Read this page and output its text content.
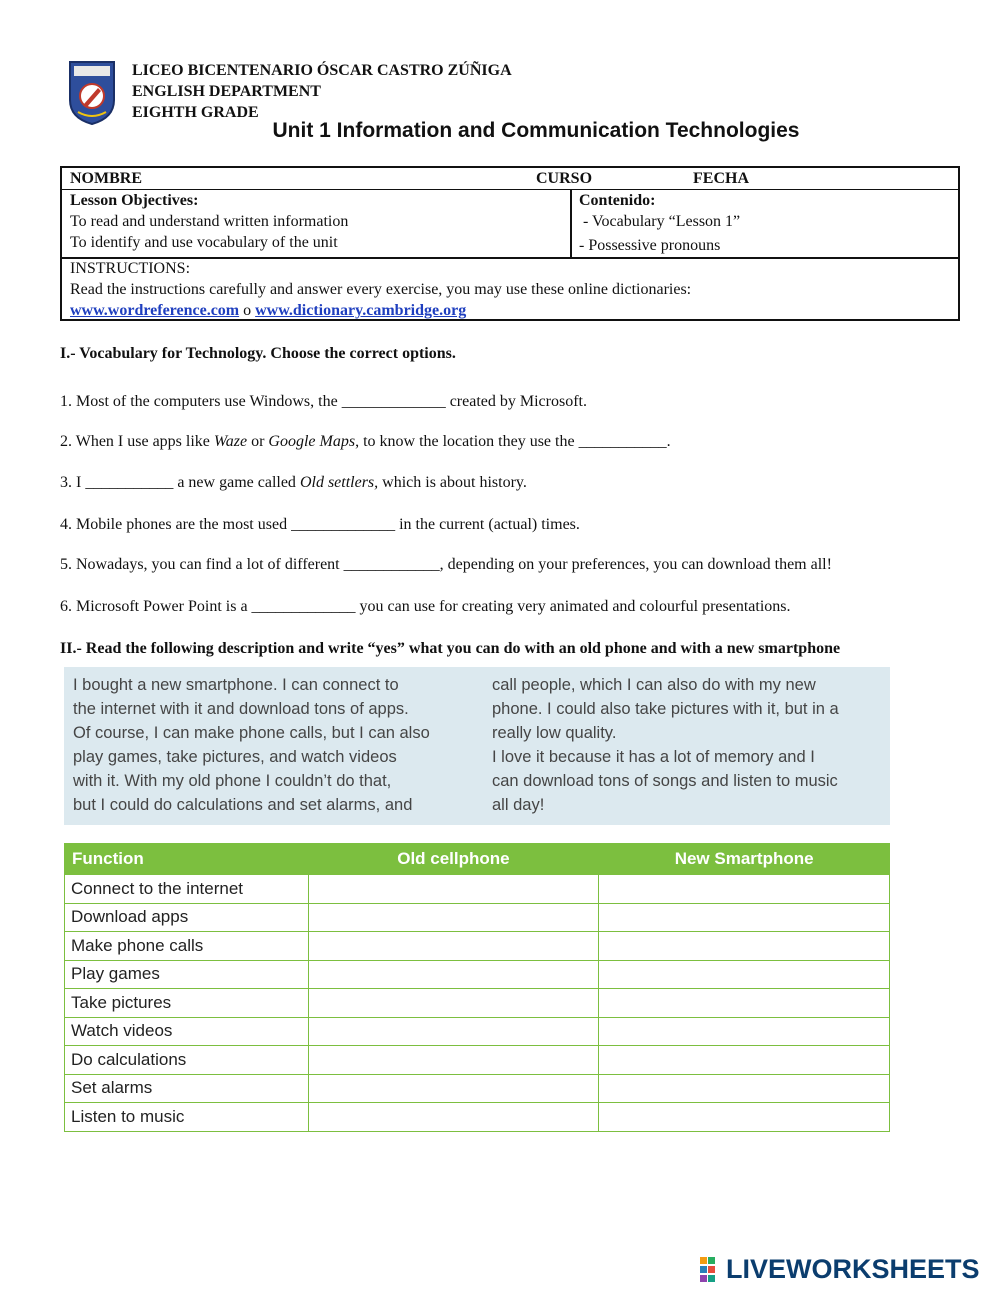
LICEO BICENTENARIO ÓSCAR CASTRO ZÚÑIGA
ENGLISH DEPARTMENT
EIGHTH GRADE
Unit 1 Information and Communication Technologies
NOMBRE	CURSO	FECHA
Lesson Objectives:
To read and understand written information
To identify and use vocabulary of the unit
Contenido:
- Vocabulary “Lesson 1”
- Possessive pronouns
INSTRUCTIONS:
Read the instructions carefully and answer every exercise, you may use these online dictionaries:
www.wordreference.com o www.dictionary.cambridge.org
I.- Vocabulary for Technology. Choose the correct options.
1. Most of the computers use Windows, the _____________ created by Microsoft.
2. When I use apps like Waze or Google Maps, to know the location they use the ___________.
3. I ___________ a new game called Old settlers, which is about history.
4. Mobile phones are the most used _____________ in the current (actual) times.
5. Nowadays, you can find a lot of different ____________, depending on your preferences, you can download them all!
6. Microsoft Power Point is a _____________ you can use for creating very animated and colourful presentations.
II.- Read the following description and write “yes” what you can do with an old phone and with a new smartphone
I bought a new smartphone. I can connect to
the internet with it and download tons of apps.
Of course, I can make phone calls, but I can also
play games, take pictures, and watch videos
with it. With my old phone I couldn’t do that,
but I could do calculations and set alarms, and
call people, which I can also do with my new
phone. I could also take pictures with it, but in a
really low quality.
I love it because it has a lot of memory and I
can download tons of songs and listen to music
all day!
Function	Old cellphone	New Smartphone
Connect to the internet		
Download apps		
Make phone calls		
Play games		
Take pictures		
Watch videos		
Do calculations		
Set alarms		
Listen to music		
LIVEWORKSHEETS
